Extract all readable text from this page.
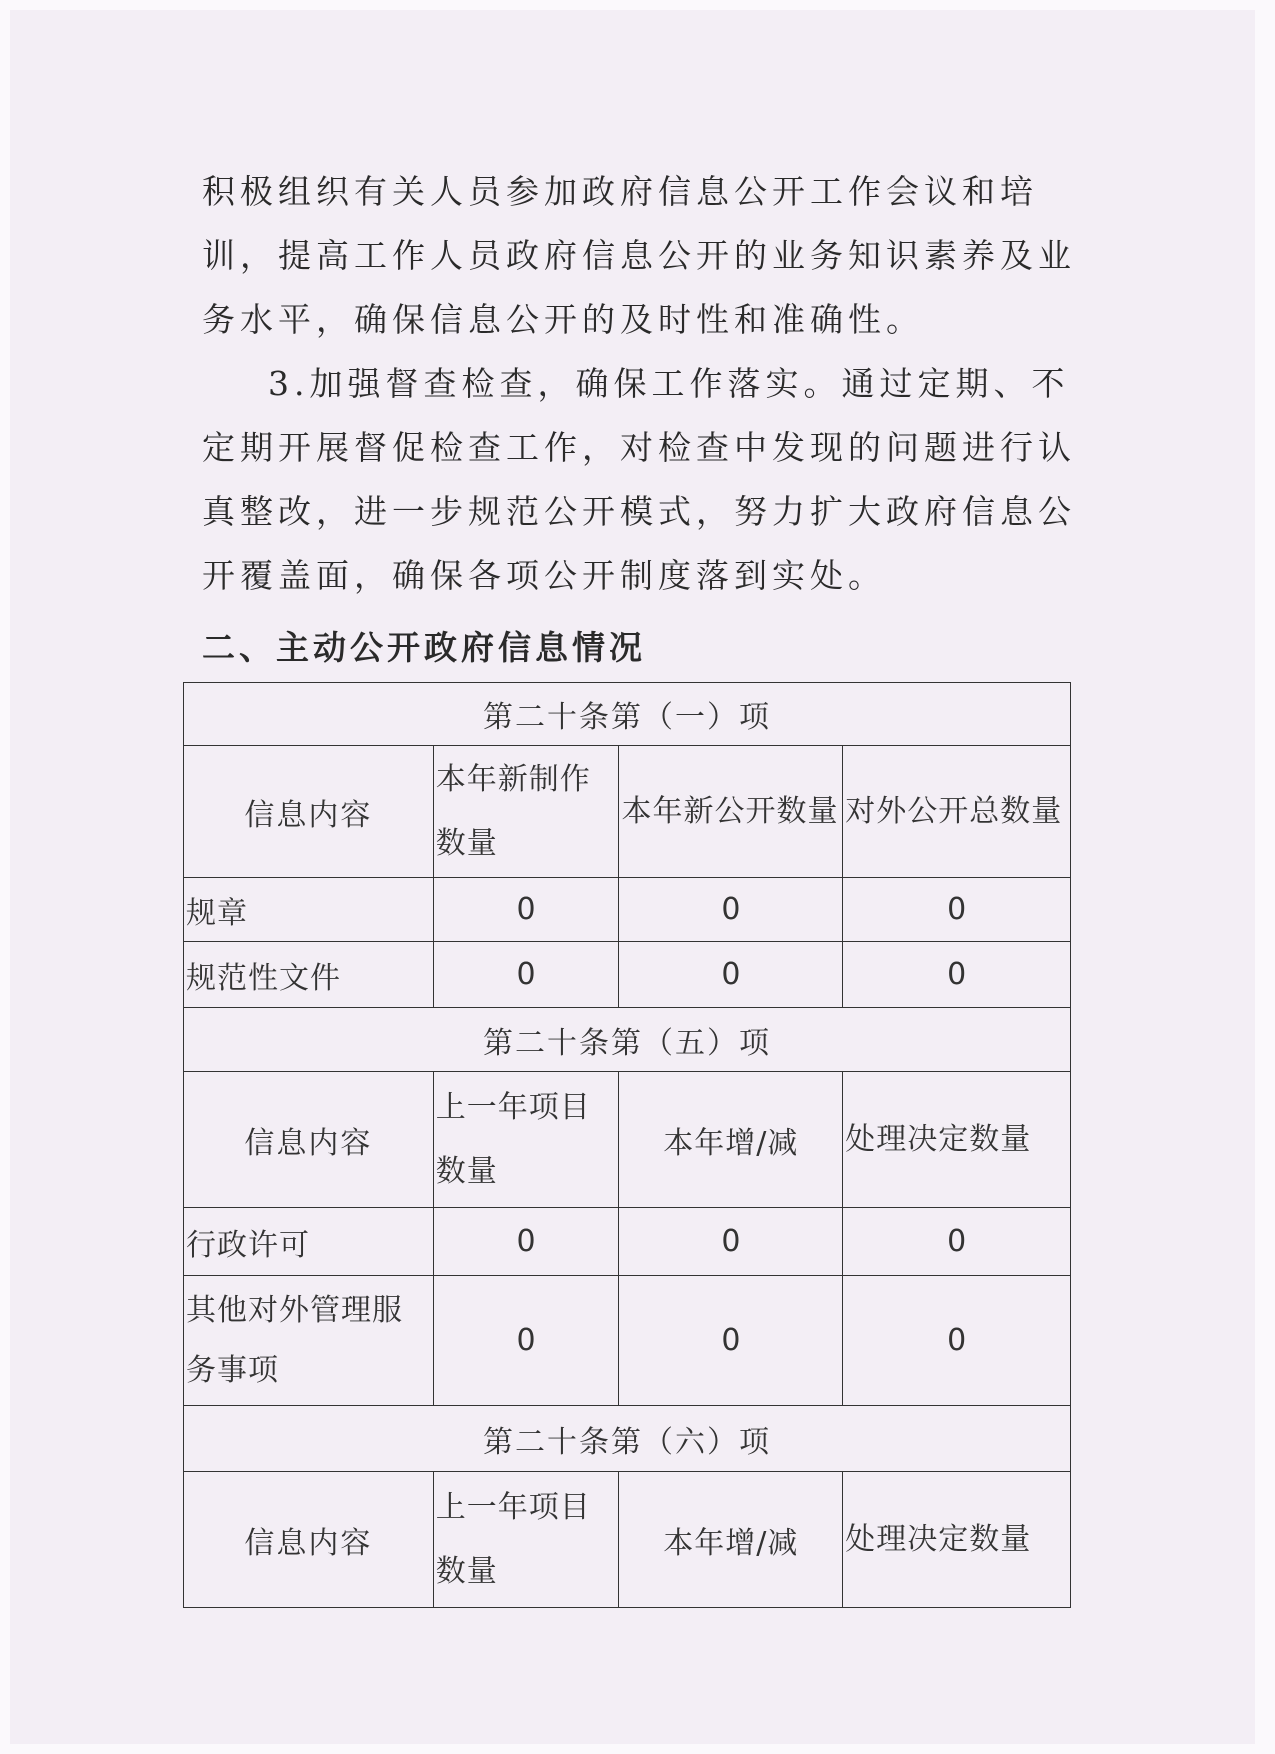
积极组织有关人员参加政府信息公开工作会议和培训，提高工作人员政府信息公开的业务知识素养及业务水平，确保信息公开的及时性和准确性。

3.加强督查检查，确保工作落实。通过定期、不定期开展督促检查工作，对检查中发现的问题进行认真整改，进一步规范公开模式，努力扩大政府信息公开覆盖面，确保各项公开制度落到实处。

二、主动公开政府信息情况

第二十条第（一）项			
信息内容	本年新制作数量	本年新公开数量	对外公开总数量
规章	0	0	0
规范性文件	0	0	0
第二十条第（五）项			
信息内容	上一年项目数量	本年增/减	处理决定数量
行政许可	0	0	0
其他对外管理服务事项	0	0	0
第二十条第（六）项			
信息内容	上一年项目数量	本年增/减	处理决定数量
